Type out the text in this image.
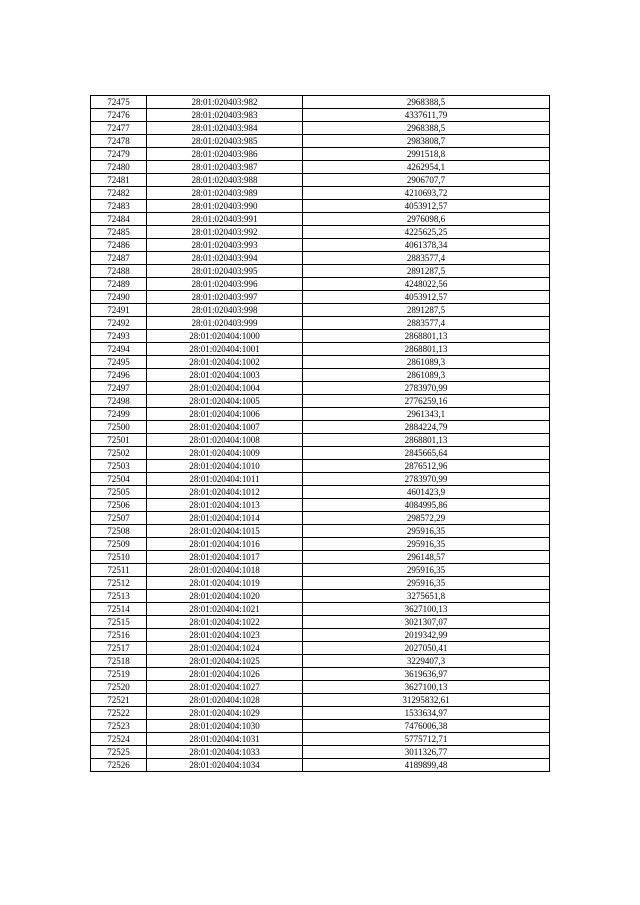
72475	28:01:020403:982	2968388,5
72476	28:01:020403:983	4337611,79
72477	28:01:020403:984	2968388,5
72478	28:01:020403:985	2983808,7
72479	28:01:020403:986	2991518,8
72480	28:01:020403:987	4262954,1
72481	28:01:020403:988	2906707,7
72482	28:01:020403:989	4210693,72
72483	28:01:020403:990	4053912,57
72484	28:01:020403:991	2976098,6
72485	28:01:020403:992	4225625,25
72486	28:01:020403:993	4061378,34
72487	28:01:020403:994	2883577,4
72488	28:01:020403:995	2891287,5
72489	28:01:020403:996	4248022,56
72490	28:01:020403:997	4053912,57
72491	28:01:020403:998	2891287,5
72492	28:01:020403:999	2883577,4
72493	28:01:020404:1000	2868801,13
72494	28:01:020404:1001	2868801,13
72495	28:01:020404:1002	2861089,3
72496	28:01:020404:1003	2861089,3
72497	28:01:020404:1004	2783970,99
72498	28:01:020404:1005	2776259,16
72499	28:01:020404:1006	2961343,1
72500	28:01:020404:1007	2884224,79
72501	28:01:020404:1008	2868801,13
72502	28:01:020404:1009	2845665,64
72503	28:01:020404:1010	2876512,96
72504	28:01:020404:1011	2783970,99
72505	28:01:020404:1012	4601423,9
72506	28:01:020404:1013	4084995,86
72507	28:01:020404:1014	298572,29
72508	28:01:020404:1015	295916,35
72509	28:01:020404:1016	295916,35
72510	28:01:020404:1017	296148,57
72511	28:01:020404:1018	295916,35
72512	28:01:020404:1019	295916,35
72513	28:01:020404:1020	3275651,8
72514	28:01:020404:1021	3627100,13
72515	28:01:020404:1022	3021307,07
72516	28:01:020404:1023	2019342,99
72517	28:01:020404:1024	2027050,41
72518	28:01:020404:1025	3229407,3
72519	28:01:020404:1026	3619636,97
72520	28:01:020404:1027	3627100,13
72521	28:01:020404:1028	31295832,61
72522	28:01:020404:1029	1533634,97
72523	28:01:020404:1030	7476006,38
72524	28:01:020404:1031	5775712,71
72525	28:01:020404:1033	3011326,77
72526	28:01:020404:1034	4189899,48
